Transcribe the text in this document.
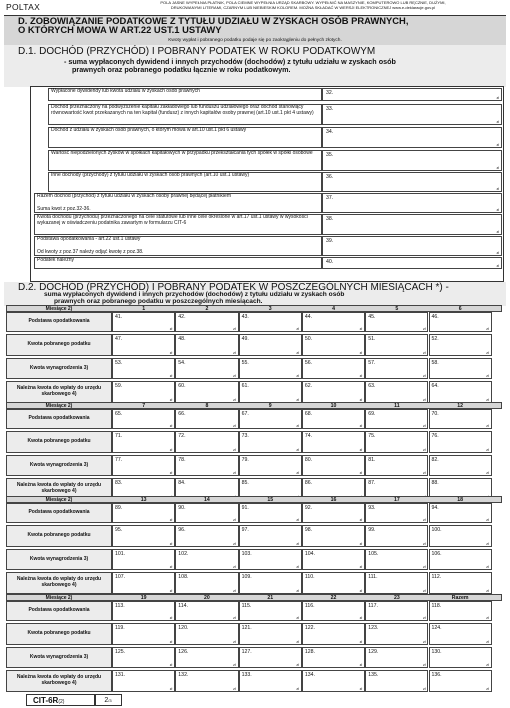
POLTAX	POLA JASNE WYPEŁNIA PŁATNIK, POLA CIEMNE WYPEŁNIA URZĄD SKARBOWY. WYPEŁNIĆ NA MASZYNIE, KOMPUTEROWO LUB RĘCZNIE, DUŻYMI,
DRUKOWANYMI LITERAMI, CZARNYM LUB NIEBIESKIM KOLOREM. MOŻNA SKŁADAĆ W WERSJI ELEKTRONICZNEJ www.e-deklaracje.gov.pl
D. ZOBOWIĄZANIE PODATKOWE Z TYTUŁU UDZIAŁU W ZYSKACH OSÓB PRAWNYCH,
O KTÓRYCH MOWA W ART.22 UST.1 USTAWY
Kwoty wypłat i pobranego podatku podaje się po zaokrągleniu do pełnych złotych.
D.1. DOCHÓD (PRZYCHÓD) I POBRANY PODATEK W ROKU PODATKOWYM
- suma wypłaconych dywidend i innych przychodów (dochodów) z tytułu udziału w zyskach osób
prawnych oraz pobranego podatku łącznie w roku podatkowym.
Wypłacone dywidendy lub kwota udziału w zyskach osób prawnych	32.
zł
Dochód przeznaczony na podwyższenie kapitału zakładowego lub funduszu udziałowego oraz dochód stanowiący równowartość kwot przekazanych na ten kapitał (fundusz) z innych kapitałów osoby prawnej (art.10 ust.1 pkt 4 ustawy)
33.
zł
Dochód z udziału w zyskach osób prawnych, o którym mowa w art.10 ust.1 pkt 6 ustawy	34.
zł
Wartość niepodzielonych zysków w spółkach kapitałowych w przypadku przekształcania tych spółek w spółki osobowe	35.
zł
Inne dochody (przychody) z tytułu udziału w zyskach osób prawnych (art.10 ust.1 ustawy)	36.
zł
Razem dochód (przychód) z tytułu udziału w zyskach osoby prawnej będącej płatnikiem
Suma kwot z poz.32-36.
37.
zł
Kwota dochodu (przychodu) przeznaczonego na cele statutowe lub inne cele określone w art.17 ust.1 ustawy w wysokości wykazanej w oświadczeniu podatnika zawartym w formularzu CIT-6
38.
zł
Podstawa opodatkowania - art.22 ust.1 ustawy
Od kwoty z poz.37 należy odjąć kwotę z poz.38.
39.
zł
Podatek należny	40.
zł
D.2. DOCHÓD (PRZYCHÓD) I POBRANY PODATEK W POSZCZEGÓLNYCH MIESIĄCACH *) -
suma wypłaconych dywidend i innych przychodów (dochodów) z tytułu udziału w zyskach osób
prawnych oraz pobranego podatku w poszczególnych miesiącach.
Miesiące 2)	1	2	3	4	5	6
Podstawa opodatkowania
41.
zł
42.
zł
43.
zł
44.
zł
45.
zł
46.
zł
Kwota pobranego podatku
47.
zł
48.
zł
49.
zł
50.
zł
51.
zł
52.
zł
Kwota wynagrodzenia 3)
53.
zł
54.
zł
55.
zł
56.
zł
57.
zł
58.
zł
Należna kwota do wpłaty do urzędu skarbowego 4)
59.
zł
60.
zł
61.
zł
62.
zł
63.
zł
64.
zł
Miesiące 2)	7	8	9	10	11	12
Podstawa opodatkowania
65.
zł
66.
zł
67.
zł
68.
zł
69.
zł
70.
zł
Kwota pobranego podatku
71.
zł
72.
zł
73.
zł
74.
zł
75.
zł
76.
zł
Kwota wynagrodzenia 3)
77.
zł
78.
zł
79.
zł
80.
zł
81.
zł
82.
zł
Należna kwota do wpłaty do urzędu skarbowego 4)
83.	84.	85.	86.	87.	88.
Miesiące 2)	13	14	15	16	17	18
Podstawa opodatkowania
89.
zł
90.
zł
91.
zł
92.
zł
93.
zł
94.
zł
Kwota pobranego podatku
95.
zł
96.
zł
97.
zł
98.
zł
99.
zł
100.
zł
Kwota wynagrodzenia 3)
101.
zł
102.
zł
103.
zł
104.
zł
105.
zł
106.
zł
Należna kwota do wpłaty do urzędu skarbowego 4)
107.
zł
108.
zł
109.
zł
110.
zł
111.
zł
112.
zł
Miesiące 2)	19	20	21	22	23	Razem
Podstawa opodatkowania
113.
zł
114.
zł
115.
zł
116.
zł
117.
zł
118.
zł
Kwota pobranego podatku
119.
zł
120.
zł
121.
zł
122.
zł
123.
zł
124.
zł
Kwota wynagrodzenia 3)
125.
zł
126.
zł
127.
zł
128.
zł
129.
zł
130.
zł
Należna kwota do wpłaty do urzędu skarbowego 4)
131.
zł
132.
zł
133.
zł
134.
zł
135.
zł
136.
zł
CIT-6R(2)	2/3
